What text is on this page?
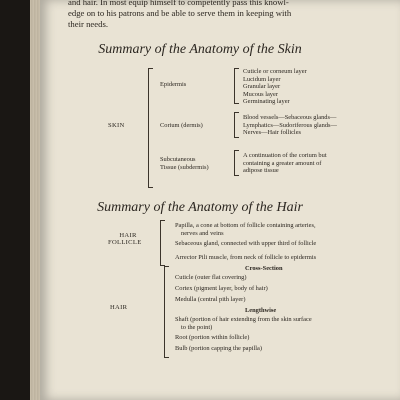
and hair. In most equip himself to competently pass this knowl-
edge on to his patrons and be able to serve them in keeping with
their needs.
Summary of the Anatomy of the Skin
SKIN
Epidermis
Cuticle or corneum layer
Lucidum layer
Granular layer
Mucous layer
Germinating layer
Corium (dermis)
Blood vessels—Sebaceous glands—
Lymphatics—Sudoriferous glands—
Nerves—Hair follicles
Subcutaneous
Tissue (subdermis)
A continuation of the corium but
containing a greater amount of
adipose tissue
Summary of the Anatomy of the Hair
HAIR
FOLLICLE
Papilla, a cone at bottom of follicle containing arteries,
nerves and veins
Sebaceous gland, connected with upper third of follicle
Arrector Pili muscle, from neck of follicle to epidermis
HAIR
Cross-Section
Cuticle (outer flat covering)
Cortex (pigment layer, body of hair)
Medulla (central pith layer)
Lengthwise
Shaft (portion of hair extending from the skin surface
to the point)
Root (portion within follicle)
Bulb (portion capping the papilla)
